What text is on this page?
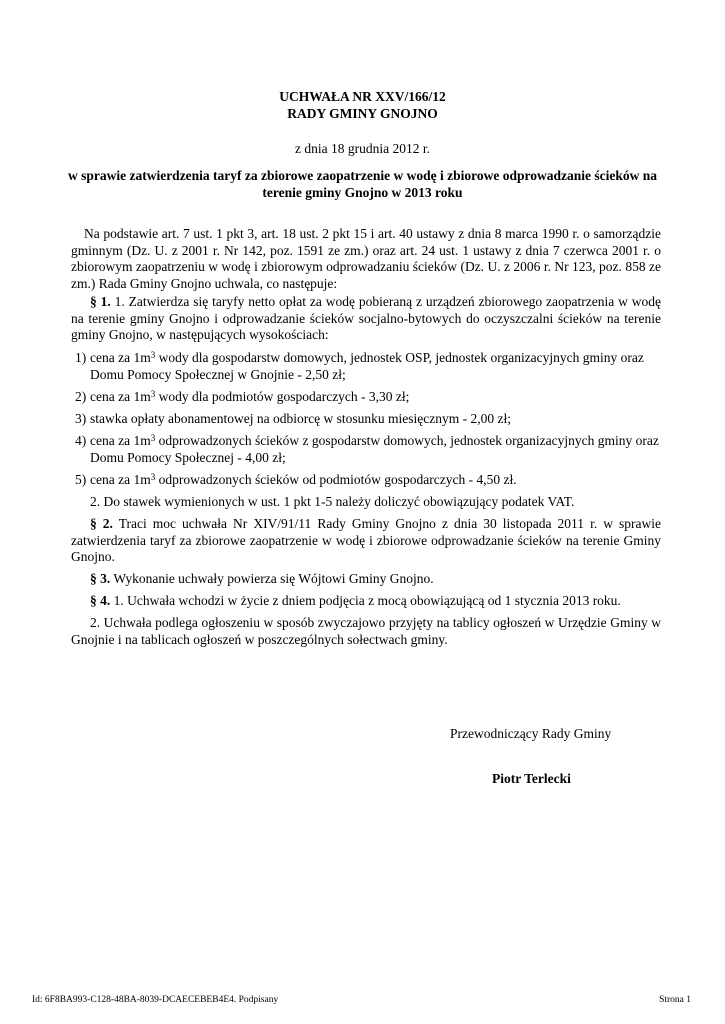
UCHWAŁA NR XXV/166/12
RADY GMINY GNOJNO
z dnia 18 grudnia 2012 r.
w sprawie zatwierdzenia taryf za zbiorowe zaopatrzenie w wodę i zbiorowe odprowadzanie ścieków na
terenie gminy Gnojno w 2013 roku
Na podstawie art. 7 ust. 1 pkt 3, art. 18 ust. 2 pkt 15 i art. 40 ustawy z dnia 8 marca 1990 r. o samorządzie gminnym (Dz. U. z 2001 r. Nr 142, poz. 1591 ze zm.) oraz art. 24 ust. 1 ustawy z dnia 7 czerwca 2001 r. o zbiorowym zaopatrzeniu w wodę i zbiorowym odprowadzaniu ścieków (Dz. U. z 2006 r. Nr 123, poz. 858 ze zm.) Rada Gminy Gnojno uchwala, co następuje:
§ 1. 1. Zatwierdza się taryfy netto opłat za wodę pobieraną z urządzeń zbiorowego zaopatrzenia w wodę na terenie gminy Gnojno i odprowadzanie ścieków socjalno-bytowych do oczyszczalni ścieków na terenie gminy Gnojno, w następujących wysokościach:
1) cena za $1m^3$ wody dla gospodarstw domowych, jednostek OSP, jednostek organizacyjnych gminy oraz
Domu Pomocy Społecznej w Gnojnie - 2,50 zł;
2) cena za $1m^3$ wody dla podmiotów gospodarczych - 3,30 zł;
3) stawka opłaty abonamentowej na odbiorcę w stosunku miesięcznym - 2,00 zł;
4) cena za $1m^3$ odprowadzonych ścieków z gospodarstw domowych, jednostek organizacyjnych gminy oraz
Domu Pomocy Społecznej - 4,00 zł;
5) cena za $1m^3$ odprowadzonych ścieków od podmiotów gospodarczych - 4,50 zł.
2. Do stawek wymienionych w ust. 1 pkt 1-5 należy doliczyć obowiązujący podatek VAT.
§ 2. Traci moc uchwała Nr XIV/91/11 Rady Gminy Gnojno z dnia 30 listopada 2011 r. w sprawie zatwierdzenia taryf za zbiorowe zaopatrzenie w wodę i zbiorowe odprowadzanie ścieków na terenie Gminy Gnojno.
§ 3. Wykonanie uchwały powierza się Wójtowi Gminy Gnojno.
§ 4. 1. Uchwała wchodzi w życie z dniem podjęcia z mocą obowiązującą od 1 stycznia 2013 roku.
2. Uchwała podlega ogłoszeniu w sposób zwyczajowo przyjęty na tablicy ogłoszeń w Urzędzie Gminy w Gnojnie i na tablicach ogłoszeń w poszczególnych sołectwach gminy.
Przewodniczący Rady Gminy
Piotr Terlecki
Id: 6F8BA993-C128-48BA-8039-DCAECEBEB4E4. Podpisany	Strona 1
